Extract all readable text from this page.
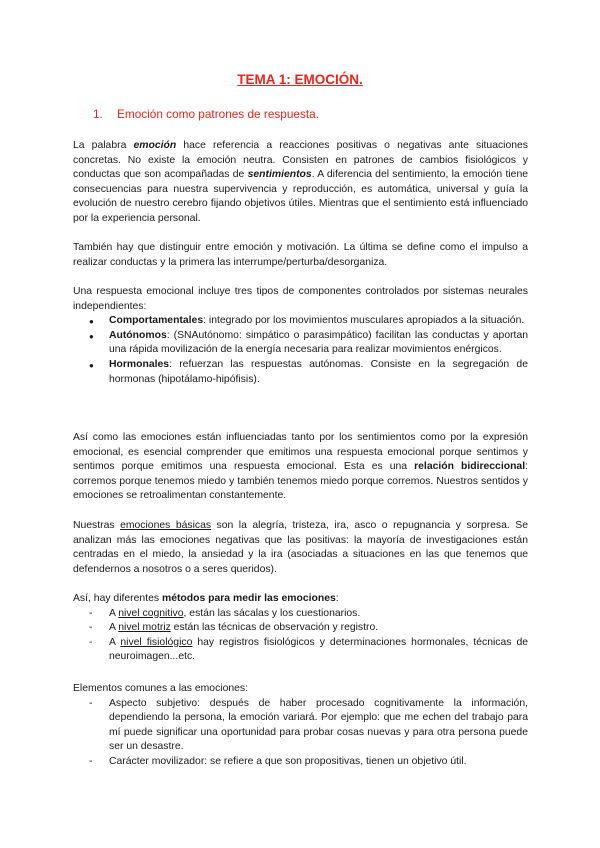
TEMA 1: EMOCIÓN.
1. Emoción como patrones de respuesta.

La palabra emoción hace referencia a reacciones positivas o negativas ante situaciones concretas. No existe la emoción neutra. Consisten en patrones de cambios fisiológicos y conductas que son acompañadas de sentimientos. A diferencia del sentimiento, la emoción tiene consecuencias para nuestra supervivencia y reproducción, es automática, universal y guía la evolución de nuestro cerebro fijando objetivos útiles. Mientras que el sentimiento está influenciado por la experiencia personal.

También hay que distinguir entre emoción y motivación. La última se define como el impulso a realizar conductas y la primera las interrumpe/perturba/desorganiza.

Una respuesta emocional incluye tres tipos de componentes controlados por sistemas neurales independientes:

● Comportamentales: integrado por los movimientos musculares apropiados a la situación.
● Autónomos: (SNAutónomo: simpático o parasimpático) facilitan las conductas y aportan una rápida movilización de la energía necesaria para realizar movimientos enérgicos.
● Hormonales: refuerzan las respuestas autónomas. Consiste en la segregación de hormonas (hipotálamo-hipófisis).

Así como las emociones están influenciadas tanto por los sentimientos como por la expresión emocional, es esencial comprender que emitimos una respuesta emocional porque sentimos y sentimos porque emitimos una respuesta emocional. Esta es una relación bidireccional: corremos porque tenemos miedo y también tenemos miedo porque corremos. Nuestros sentidos y emociones se retroalimentan constantemente.

Nuestras emociones básicas son la alegría, tristeza, ira, asco o repugnancia y sorpresa. Se analizan más las emociones negativas que las positivas: la mayoría de investigaciones están centradas en el miedo, la ansiedad y la ira (asociadas a situaciones en las que tenemos que defendernos a nosotros o a seres queridos).

Así, hay diferentes métodos para medir las emociones:

- A nivel cognitivo, están las sácalas y los cuestionarios.
- A nivel motriz están las técnicas de observación y registro.
- A nivel fisiológico hay registros fisiológicos y determinaciones hormonales, técnicas de neuroimagen...etc.

Elementos comunes a las emociones:

- Aspecto subjetivo: después de haber procesado cognitivamente la información, dependiendo la persona, la emoción variará. Por ejemplo: que me echen del trabajo para mí puede significar una oportunidad para probar cosas nuevas y para otra persona puede ser un desastre.
- Carácter movilizador: se refiere a que son propositivas, tienen un objetivo útil.
